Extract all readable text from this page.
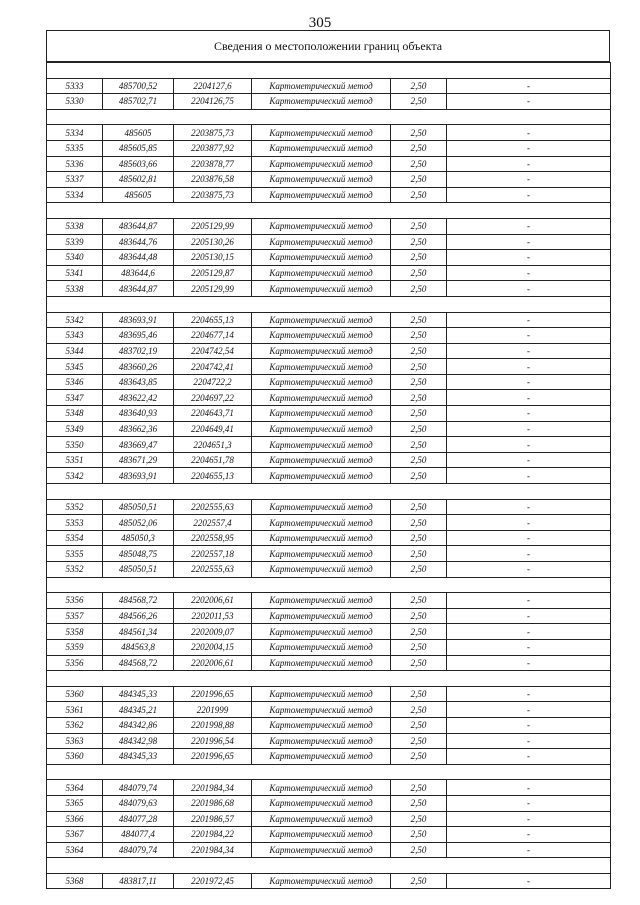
305
Сведения о местоположении границ объекта

5333	485700,52	2204127,6	Картометрический метод	2,50	-
5330	485702,71	2204126,75	Картометрический метод	2,50	-

5334	485605	2203875,73	Картометрический метод	2,50	-
5335	485605,85	2203877,92	Картометрический метод	2,50	-
5336	485603,66	2203878,77	Картометрический метод	2,50	-
5337	485602,81	2203876,58	Картометрический метод	2,50	-
5334	485605	2203875,73	Картометрический метод	2,50	-

5338	483644,87	2205129,99	Картометрический метод	2,50	-
5339	483644,76	2205130,26	Картометрический метод	2,50	-
5340	483644,48	2205130,15	Картометрический метод	2,50	-
5341	483644,6	2205129,87	Картометрический метод	2,50	-
5338	483644,87	2205129,99	Картометрический метод	2,50	-

5342	483693,91	2204655,13	Картометрический метод	2,50	-
5343	483695,46	2204677,14	Картометрический метод	2,50	-
5344	483702,19	2204742,54	Картометрический метод	2,50	-
5345	483660,26	2204742,41	Картометрический метод	2,50	-
5346	483643,85	2204722,2	Картометрический метод	2,50	-
5347	483622,42	2204697,22	Картометрический метод	2,50	-
5348	483640,93	2204643,71	Картометрический метод	2,50	-
5349	483662,36	2204649,41	Картометрический метод	2,50	-
5350	483669,47	2204651,3	Картометрический метод	2,50	-
5351	483671,29	2204651,78	Картометрический метод	2,50	-
5342	483693,91	2204655,13	Картометрический метод	2,50	-

5352	485050,51	2202555,63	Картометрический метод	2,50	-
5353	485052,06	2202557,4	Картометрический метод	2,50	-
5354	485050,3	2202558,95	Картометрический метод	2,50	-
5355	485048,75	2202557,18	Картометрический метод	2,50	-
5352	485050,51	2202555,63	Картометрический метод	2,50	-

5356	484568,72	2202006,61	Картометрический метод	2,50	-
5357	484566,26	2202011,53	Картометрический метод	2,50	-
5358	484561,34	2202009,07	Картометрический метод	2,50	-
5359	484563,8	2202004,15	Картометрический метод	2,50	-
5356	484568,72	2202006,61	Картометрический метод	2,50	-

5360	484345,33	2201996,65	Картометрический метод	2,50	-
5361	484345,21	2201999	Картометрический метод	2,50	-
5362	484342,86	2201998,88	Картометрический метод	2,50	-
5363	484342,98	2201996,54	Картометрический метод	2,50	-
5360	484345,33	2201996,65	Картометрический метод	2,50	-

5364	484079,74	2201984,34	Картометрический метод	2,50	-
5365	484079,63	2201986,68	Картометрический метод	2,50	-
5366	484077,28	2201986,57	Картометрический метод	2,50	-
5367	484077,4	2201984,22	Картометрический метод	2,50	-
5364	484079,74	2201984,34	Картометрический метод	2,50	-

5368	483817,11	2201972,45	Картометрический метод	2,50	-
